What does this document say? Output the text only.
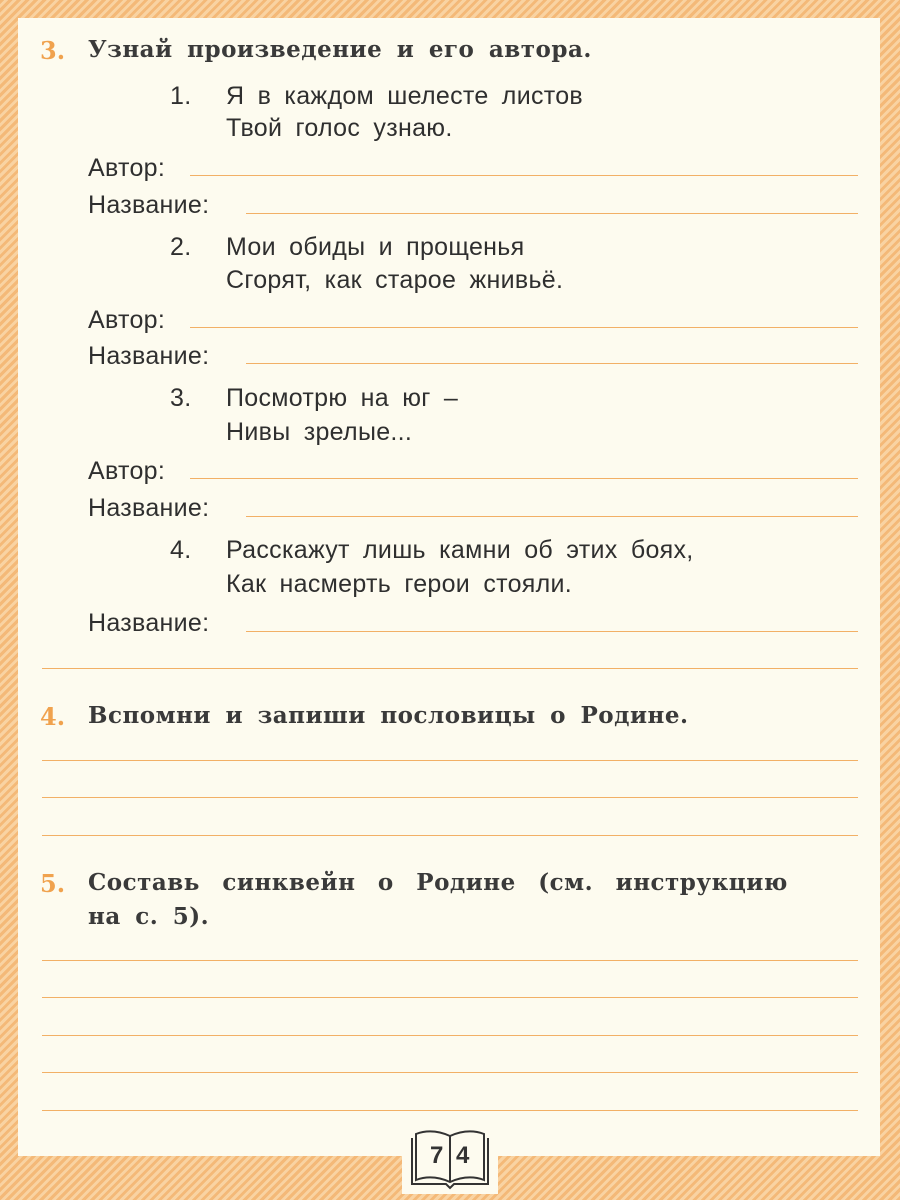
3. Узнай произведение и его автора.
1. Я в каждом шелесте листов
Твой голос узнаю.
Автор:
Название:
2. Мои обиды и прощенья
Сгорят, как старое жнивьё.
Автор:
Название:
3. Посмотрю на юг –
Нивы зрелые...
Автор:
Название:
4. Расскажут лишь камни об этих боях,
Как насмерть герои стояли.
Название:
4. Вспомни и запиши пословицы о Родине.
5. Составь синквейн о Родине (см. инструкцию
на с. 5).
7 4
